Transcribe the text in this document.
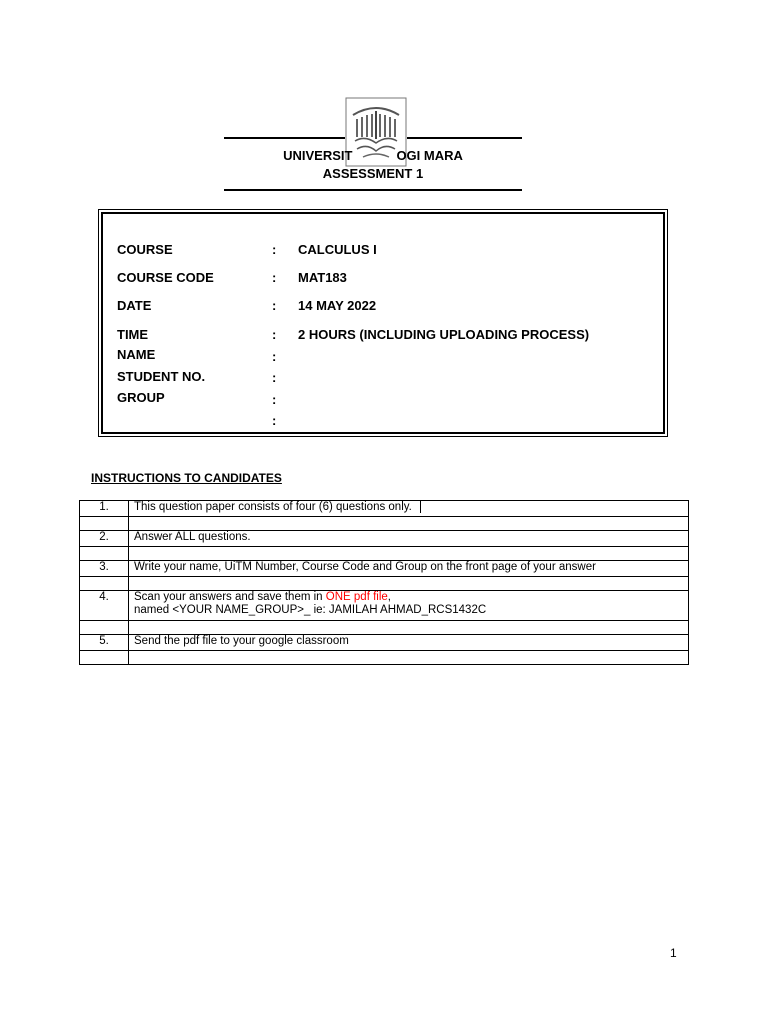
UNIVERSIT	OGI MARA
ASSESSMENT 1
COURSE	: CALCULUS I
COURSE CODE	: MAT183
DATE	: 14 MAY 2022
TIME	: 2 HOURS (INCLUDING UPLOADING PROCESS)
NAME	:
STUDENT NO.	:
GROUP	:
:
INSTRUCTIONS TO CANDIDATES
1.	This question paper consists of four (6) questions only.

2.	Answer ALL questions.

3.	Write your name, UiTM Number, Course Code and Group on the front page of your answer

4.	Scan your answers and save them in ONE pdf file,
named <YOUR NAME_GROUP>_ ie: JAMILAH AHMAD_RCS1432C

5.	Send the pdf file to your google classroom

1
